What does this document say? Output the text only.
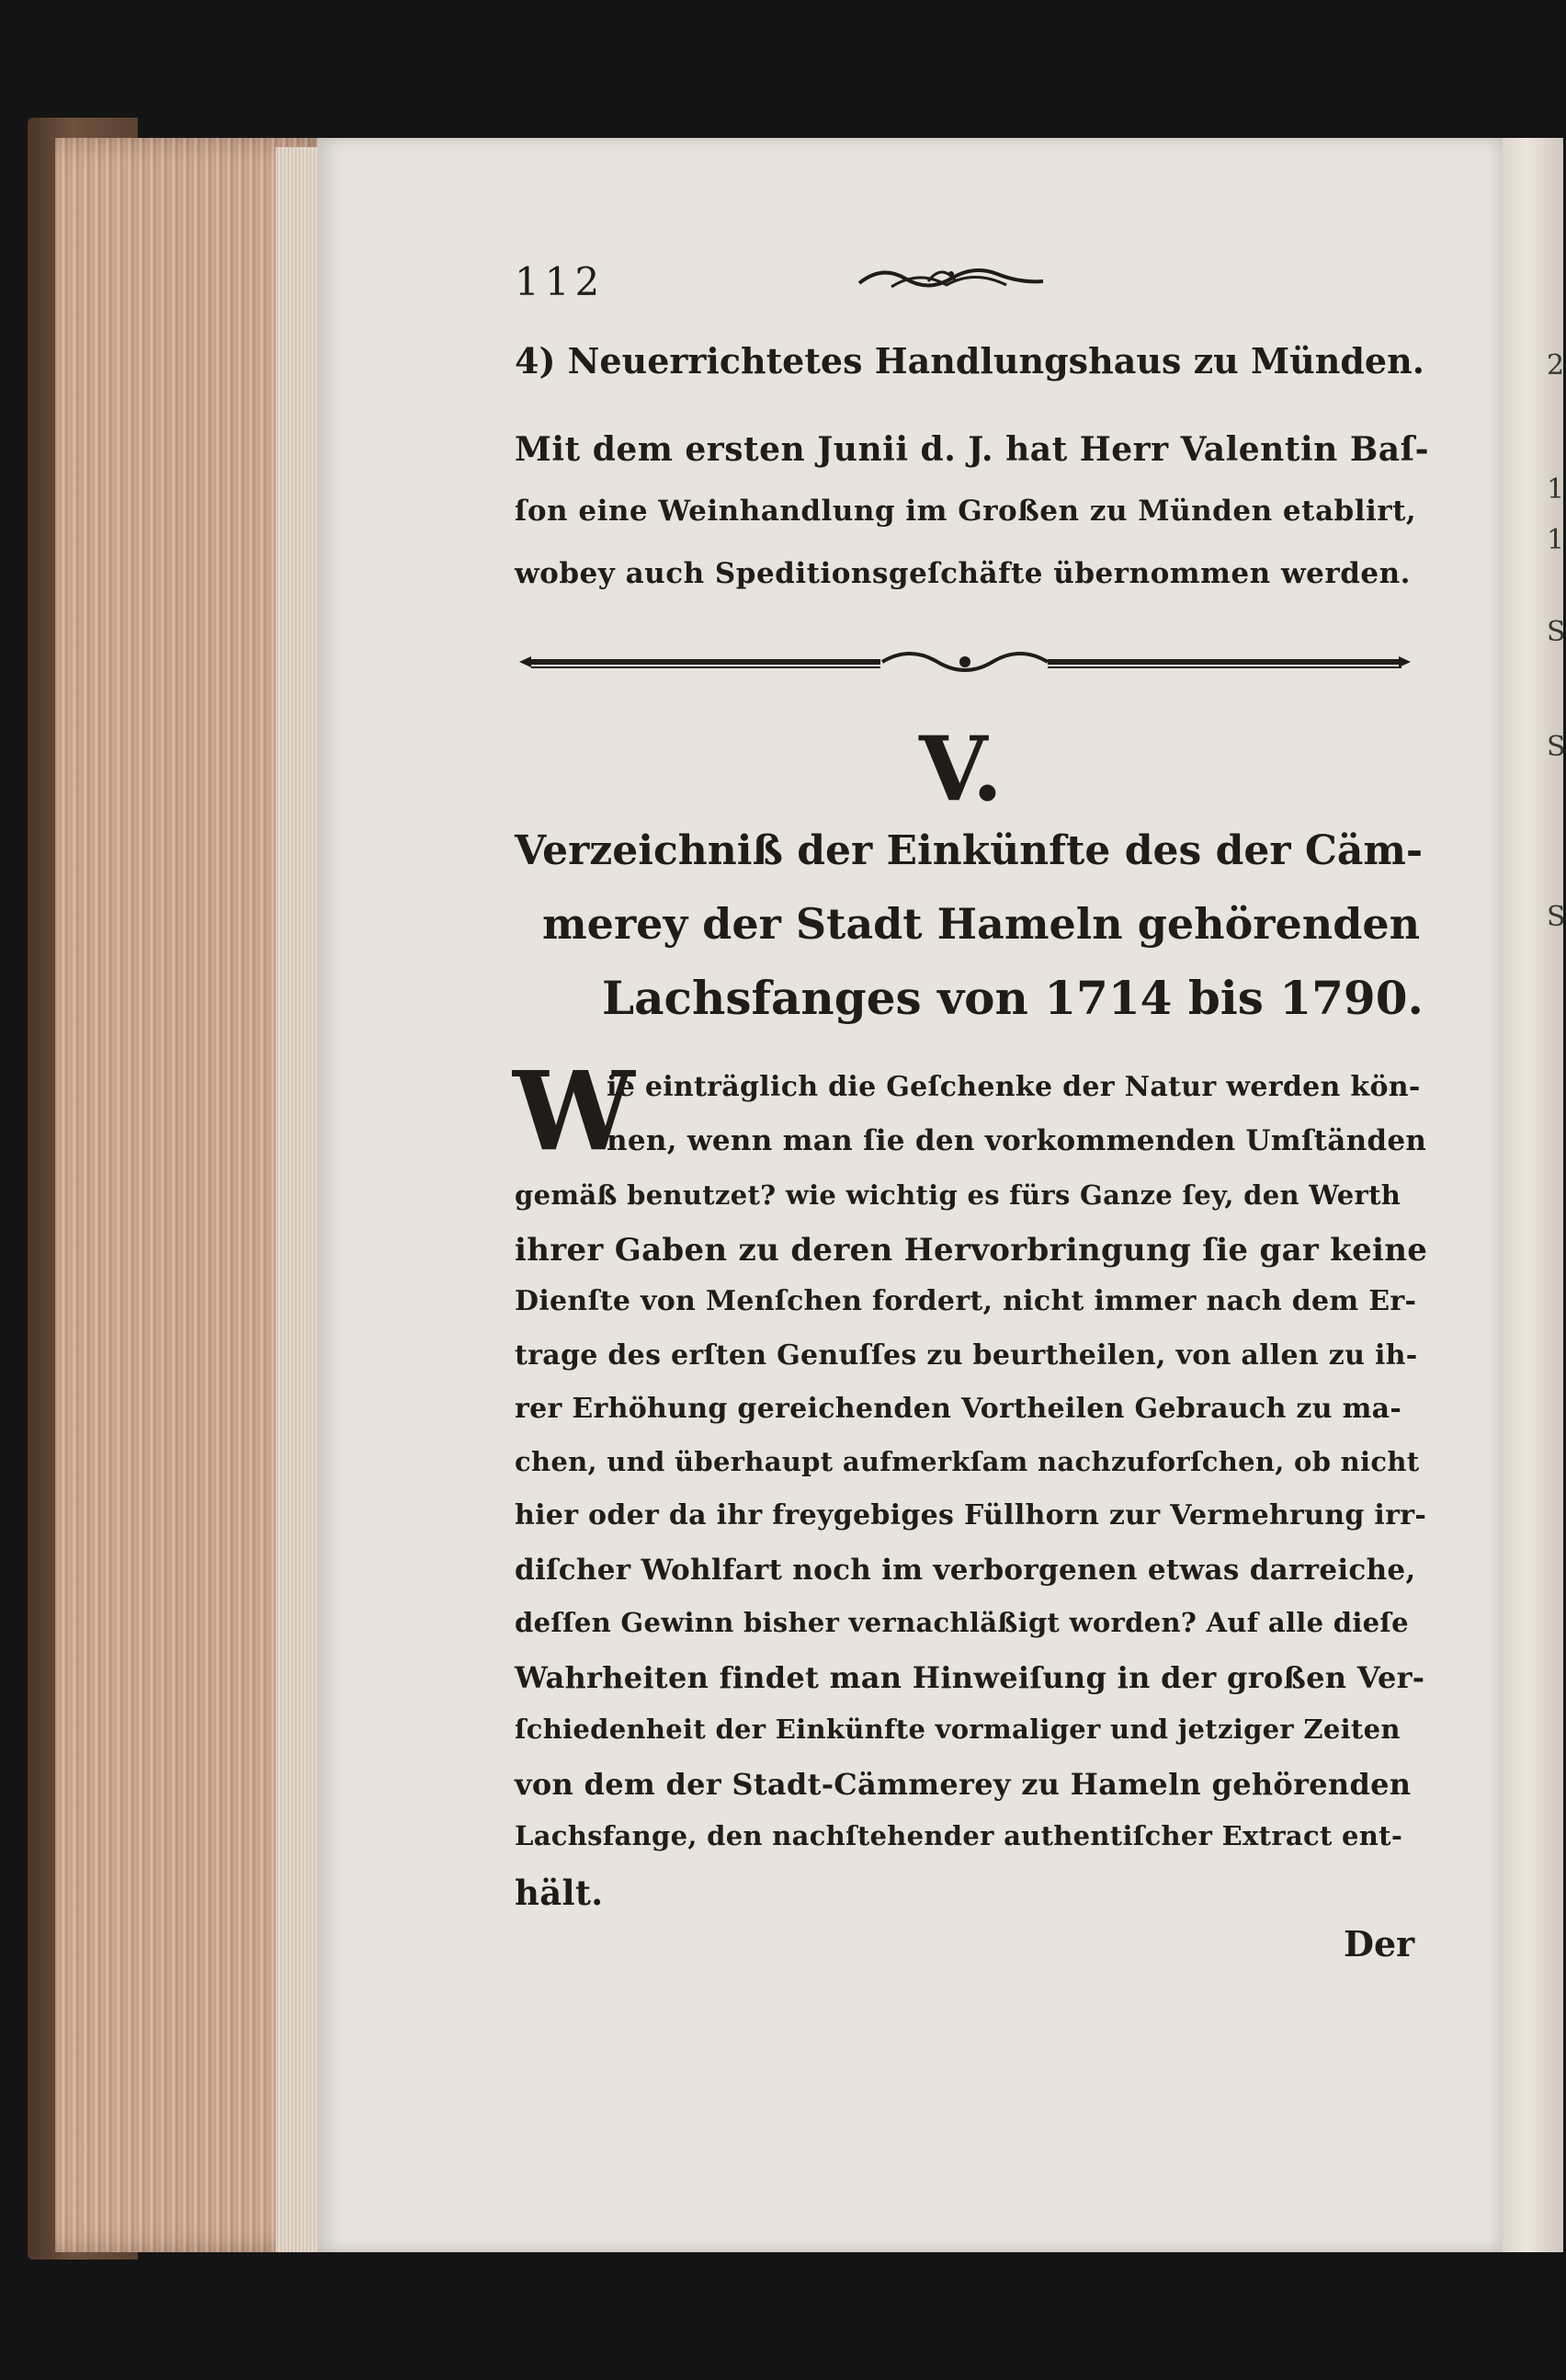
2
1
1
S
S
S
112
4) Neuerrichtetes Handlungshaus zu Münden.
Mit dem ersten Junii d. J. hat Herr Valentin Baſ-
ſon eine Weinhandlung im Großen zu Münden etablirt,
wobey auch Speditionsgeſchäfte übernommen werden.
V.
Verzeichniß der Einkünfte des der Cäm-
merey der Stadt Hameln gehörenden
Lachsfanges von 1714 bis 1790.
W
ie einträglich die Geſchenke der Natur werden kön-
nen, wenn man ſie den vorkommenden Umſtänden
gemäß benutzet? wie wichtig es fürs Ganze ſey, den Werth
ihrer Gaben zu deren Hervorbringung ſie gar keine
Dienſte von Menſchen fordert, nicht immer nach dem Er-
trage des erſten Genuſſes zu beurtheilen, von allen zu ih-
rer Erhöhung gereichenden Vortheilen Gebrauch zu ma-
chen, und überhaupt aufmerkſam nachzuforſchen, ob nicht
hier oder da ihr freygebiges Füllhorn zur Vermehrung irr-
diſcher Wohlfart noch im verborgenen etwas darreiche,
deſſen Gewinn bisher vernachläßigt worden? Auf alle dieſe
Wahrheiten findet man Hinweiſung in der großen Ver-
ſchiedenheit der Einkünfte vormaliger und jetziger Zeiten
von dem der Stadt-Cämmerey zu Hameln gehörenden
Lachsfange, den nachſtehender authentiſcher Extract ent-
hält.
Der
